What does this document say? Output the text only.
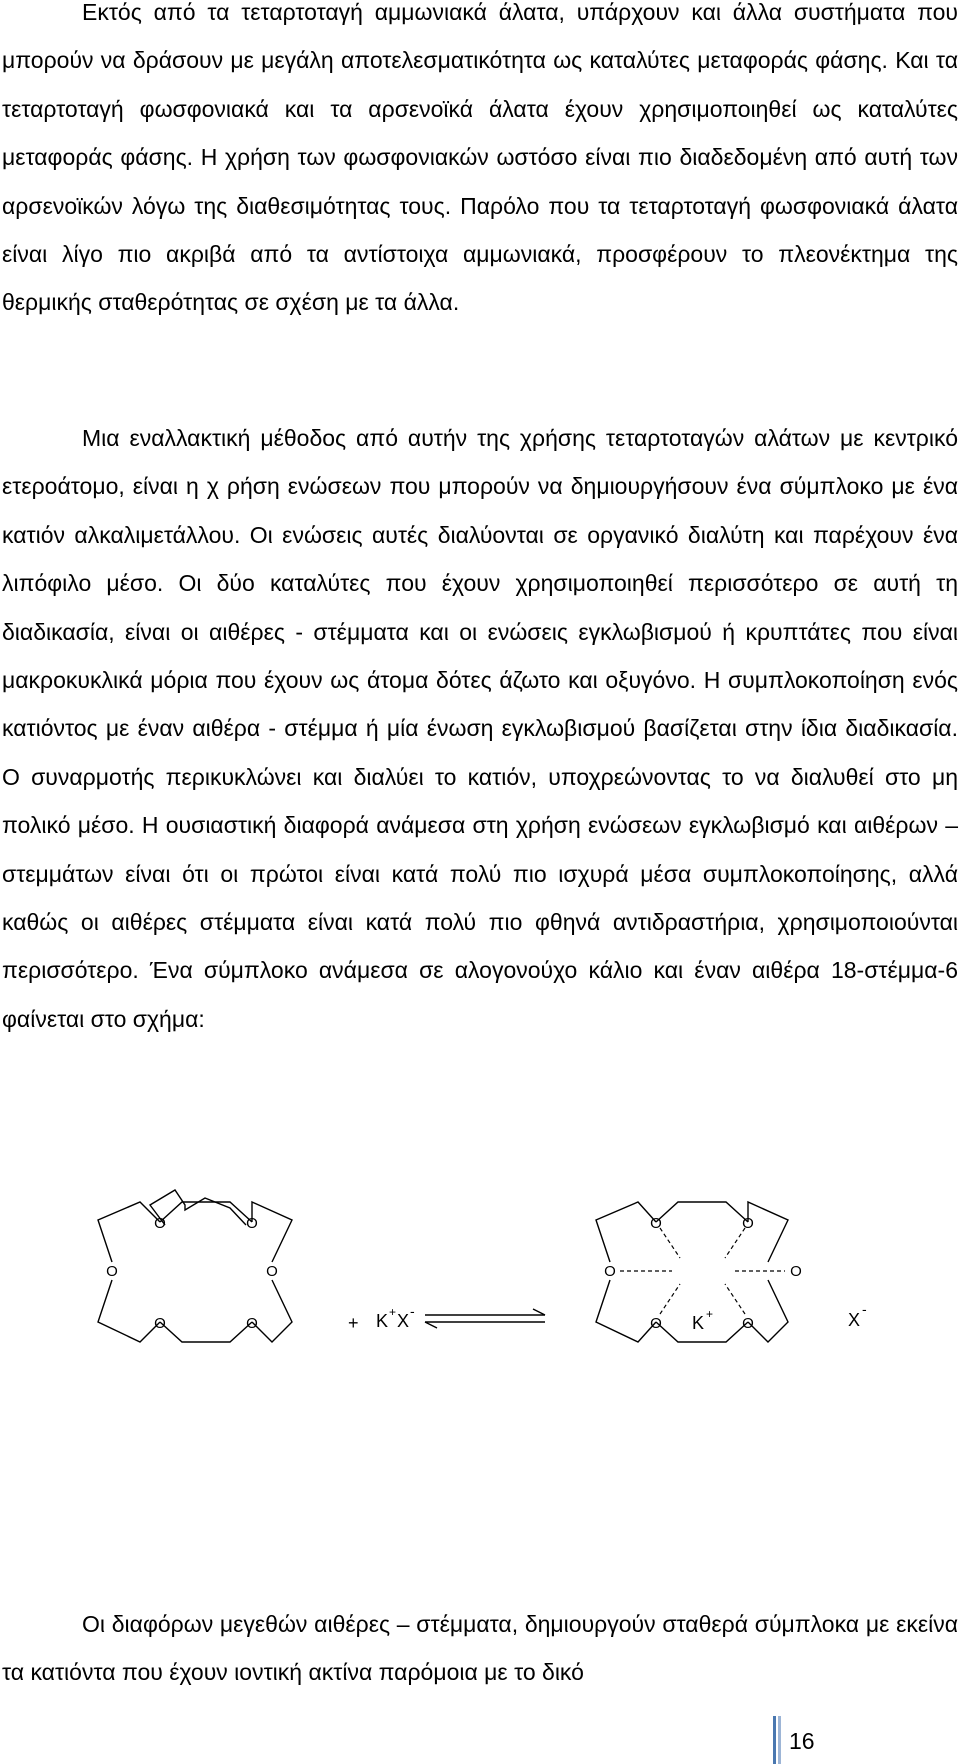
Εκτός από τα τεταρτοταγή αμμωνιακά άλατα, υπάρχουν και άλλα συστήματα που μπορούν να δράσουν με μεγάλη αποτελεσματικότητα ως καταλύτες μεταφοράς φάσης. Και τα τεταρτοταγή φωσφονιακά και τα αρσενοϊκά άλατα έχουν χρησιμοποιηθεί ως καταλύτες μεταφοράς φάσης. Η χρήση των φωσφονιακών ωστόσο είναι πιο διαδεδομένη από αυτή των αρσενοϊκών λόγω της διαθεσιμότητας τους. Παρόλο που τα τεταρτοταγή φωσφονιακά άλατα είναι λίγο πιο ακριβά από τα αντίστοιχα αμμωνιακά, προσφέρουν το πλεονέκτημα της θερμικής σταθερότητας σε σχέση με τα άλλα.

Μια εναλλακτική μέθοδος από αυτήν της χρήσης τεταρτοταγών αλάτων με κεντρικό ετεροάτομο, είναι η χ ρήση ενώσεων που μπορούν να δημιουργήσουν ένα σύμπλοκο με ένα κατιόν αλκαλιμετάλλου. Οι ενώσεις αυτές διαλύονται σε οργανικό διαλύτη και παρέχουν ένα λιπόφιλο μέσο. Οι δύο καταλύτες που έχουν χρησιμοποιηθεί περισσότερο σε αυτή τη διαδικασία, είναι οι αιθέρες - στέμματα και οι ενώσεις εγκλωβισμού ή κρυπτάτες που είναι μακροκυκλικά μόρια που έχουν ως άτομα δότες άζωτο και οξυγόνο. Η συμπλοκοποίηση ενός κατιόντος με έναν αιθέρα - στέμμα ή μία ένωση εγκλωβισμού βασίζεται στην ίδια διαδικασία. Ο συναρμοτής περικυκλώνει και διαλύει το κατιόν, υποχρεώνοντας το να διαλυθεί στο μη πολικό μέσο. Η ουσιαστική διαφορά ανάμεσα στη χρήση ενώσεων εγκλωβισμό και αιθέρων – στεμμάτων είναι ότι οι πρώτοι είναι κατά πολύ πιο ισχυρά μέσα συμπλοκοποίησης, αλλά καθώς οι αιθέρες στέμματα είναι κατά πολύ πιο φθηνά αντιδραστήρια, χρησιμοποιούνται περισσότερο. Ένα σύμπλοκο ανάμεσα σε αλογονούχο κάλιο και έναν αιθέρα 18-στέμμα-6 φαίνεται στο σχήμα:

O	O
O	O
O	O
O	O
O	O
O	O
+ K + X -
K +	X
-

Οι διαφόρων μεγεθών αιθέρες – στέμματα, δημιουργούν σταθερά σύμπλοκα με εκείνα τα κατιόντα που έχουν ιοντική ακτίνα παρόμοια με το δικό

16
